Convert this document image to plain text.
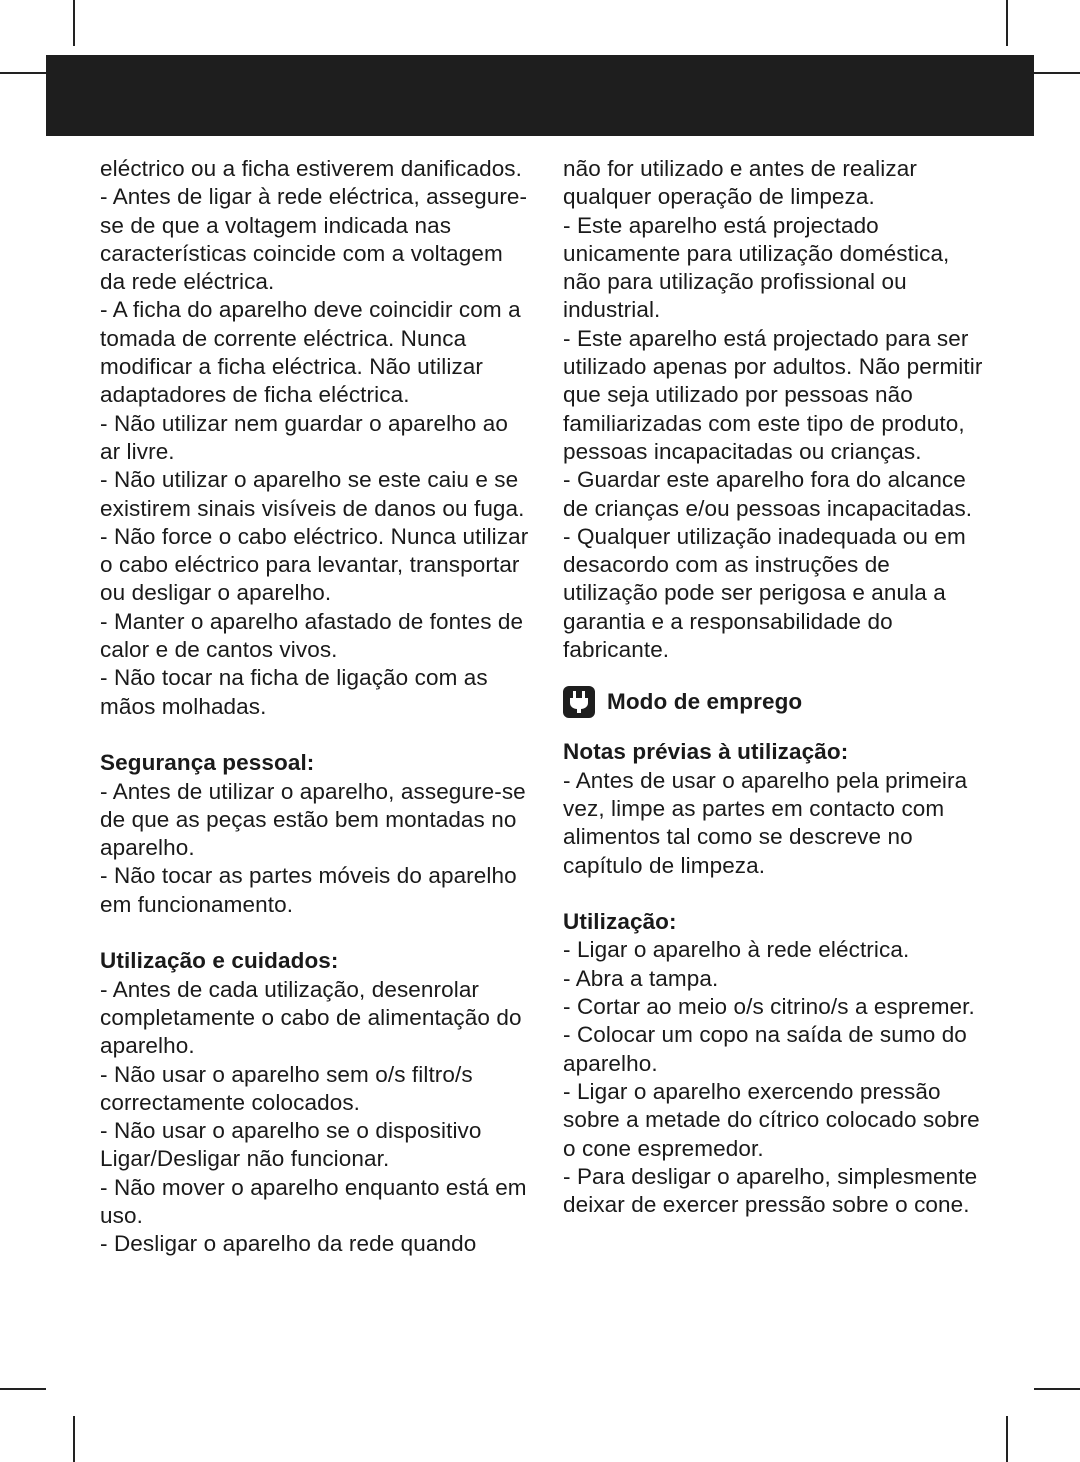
eléctrico ou a ficha estiverem danificados.

- Antes de ligar à rede eléctrica, assegure-se de que a voltagem indicada nas características coincide com a voltagem da rede eléctrica.

- A ficha do aparelho deve coincidir com a tomada de corrente eléctrica. Nunca modificar a ficha eléctrica. Não utilizar adaptadores de ficha eléctrica.

- Não utilizar nem guardar o aparelho ao ar livre.

- Não utilizar o aparelho se este caiu e se existirem sinais visíveis de danos ou fuga.

- Não force o cabo eléctrico. Nunca utilizar o cabo eléctrico para levantar, transportar ou desligar o aparelho.

- Manter o aparelho afastado de fontes de calor e de cantos vivos.

- Não tocar na ficha de ligação com as mãos molhadas.

Segurança pessoal:

- Antes de utilizar o aparelho, assegure-se de que as peças estão bem montadas no aparelho.

- Não tocar as partes móveis do aparelho em funcionamento.

Utilização e cuidados:

- Antes de cada utilização, desenrolar completamente o cabo de alimentação do aparelho.

- Não usar o aparelho sem o/s filtro/s correctamente colocados.

- Não usar o aparelho se o dispositivo Ligar/Desligar não funcionar.

- Não mover o aparelho enquanto está em uso.

- Desligar o aparelho da rede quando

não for utilizado e antes de realizar qualquer operação de limpeza.

- Este aparelho está projectado unicamente para utilização doméstica, não para utilização profissional ou industrial.

- Este aparelho está projectado para ser utilizado apenas por adultos. Não permitir que seja utilizado por pessoas não familiarizadas com este tipo de produto, pessoas incapacitadas ou crianças.

- Guardar este aparelho fora do alcance de crianças e/ou pessoas incapacitadas.

- Qualquer utilização inadequada ou em desacordo com as instruções de utilização pode ser perigosa e anula a garantia e a responsabilidade do fabricante.

Modo de emprego
Notas prévias à utilização:

- Antes de usar o aparelho pela primeira vez, limpe as partes em contacto com alimentos tal como se descreve no capítulo de limpeza.

Utilização:

- Ligar o aparelho à rede eléctrica.

- Abra a tampa.

- Cortar ao meio o/s citrino/s a espremer.

- Colocar um copo na saída de sumo do aparelho.

- Ligar o aparelho exercendo pressão sobre a metade do cítrico colocado sobre o cone espremedor.

- Para desligar o aparelho, simplesmente deixar de exercer pressão sobre o cone.
